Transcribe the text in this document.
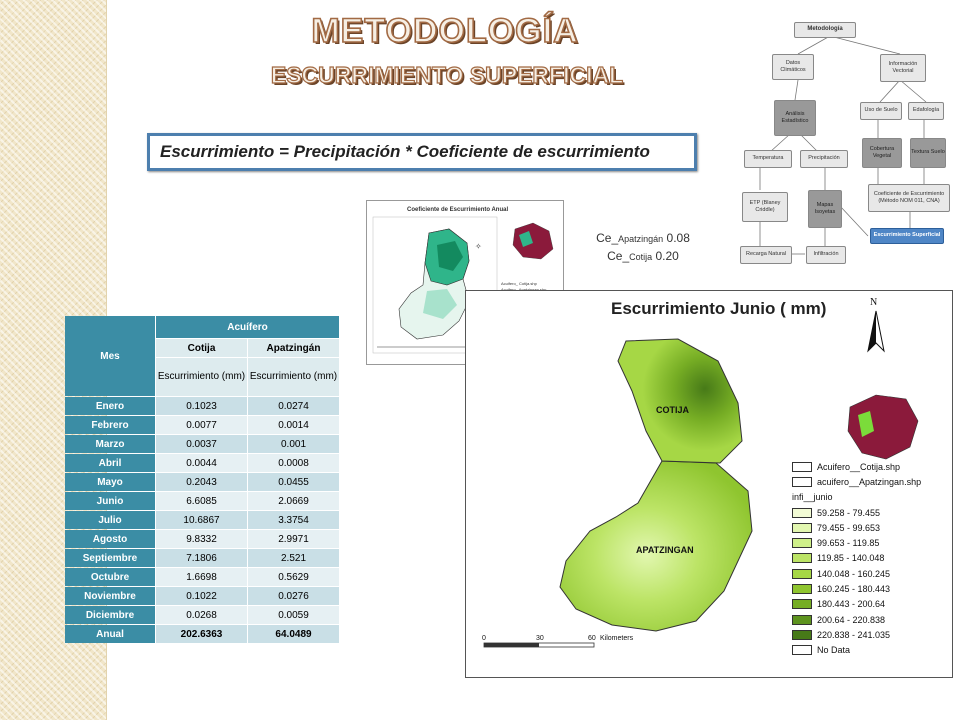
METODOLOGÍA
ESCURRIMIENTO SUPERFICIAL
Escurrimiento = Precipitación * Coeficiente de escurrimiento
Metodología
Datos Climáticos
Información Vectorial
Análisis Estadístico
Uso de Suelo	Edafología
Temperatura	Precipitación
Cobertura Vegetal
Textura Suelo
ETP (Blaney Criddle)
Mapas Isoyetas
Coeficiente de Escurrimiento (Método NOM 011, CNA)
Escurrimiento Superficial
Recarga Natural	Infiltración
Coeficiente de Escurrimiento Anual
✧
Acuifero_ Cotija.shp
Ce_Apatzingán 0.08
Ce_Cotija 0.20
Mes	Acuífero	
	Cotija	Apatzingán
	Escurrimiento (mm)	Escurrimiento (mm)
Enero	0.1023	0.0274
Febrero	0.0077	0.0014
Marzo	0.0037	0.001
Abril	0.0044	0.0008
Mayo	0.2043	0.0455
Junio	6.6085	2.0669
Julio	10.6867	3.3754
Agosto	9.8332	2.9971
Septiembre	7.1806	2.521
Octubre	1.6698	0.5629
Noviembre	0.1022	0.0276
Diciembre	0.0268	0.0059
Anual	202.6363	64.0489
Escurrimiento Junio ( mm)	N
COTIJA
APATZINGAN
0	30	60 Kilometers
Acuifero__Cotija.shp
acuifero__Apatzingan.shp
infi__junio
59.258 - 79.455
79.455 - 99.653
99.653 - 119.85
119.85 - 140.048
140.048 - 160.245
160.245 - 180.443
180.443 - 200.64
200.64 - 220.838
220.838 - 241.035
No Data
